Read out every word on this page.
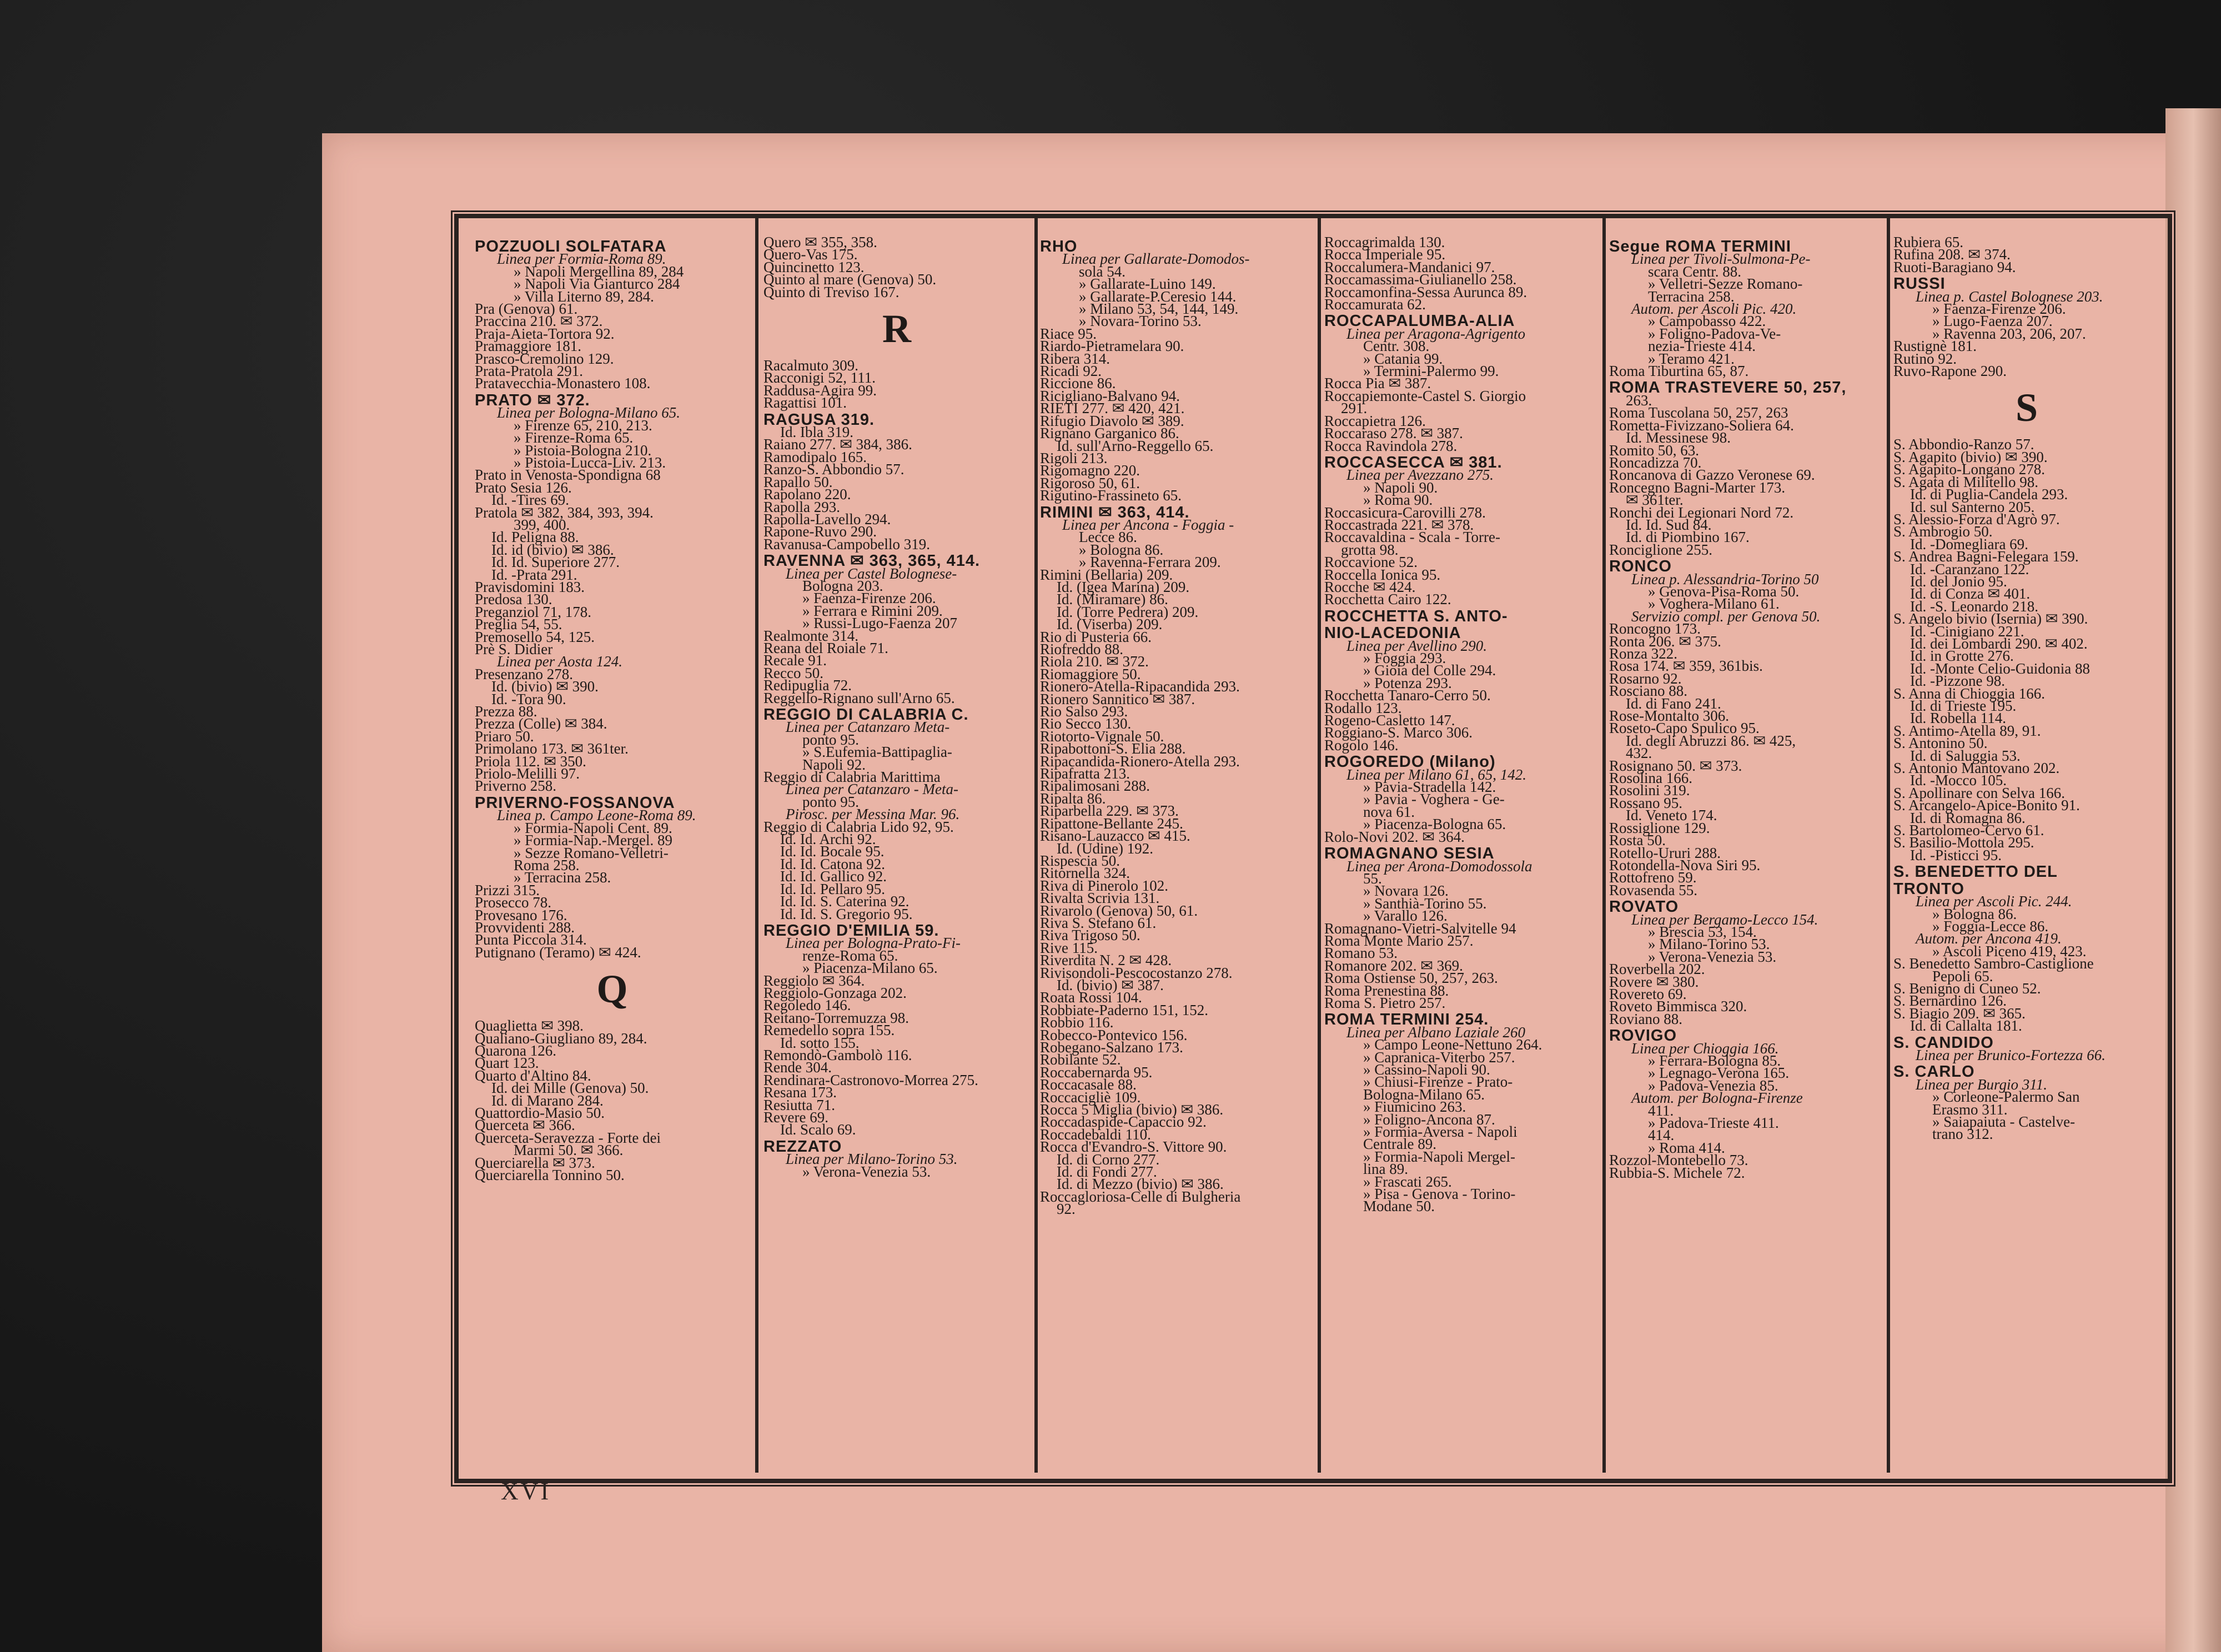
POZZUOLI SOLFATARA
Linea per Formia-Roma 89.
» Napoli Mergellina 89, 284
» Napoli Via Gianturco 284
» Villa Literno 89, 284.
Pra (Genova) 61.
Praccina 210. ✉ 372.
Praja-Aieta-Tortora 92.
Pramaggiore 181.
Prasco-Cremolino 129.
Prata-Pratola 291.
Pratavecchia-Monastero 108.
PRATO ✉ 372.
Linea per Bologna-Milano 65.
» Firenze 65, 210, 213.
» Firenze-Roma 65.
» Pistoia-Bologna 210.
» Pistoia-Lucca-Liv. 213.
Prato in Venosta-Spondigna 68
Prato Sesia 126.
Id. -Tires 69.
Pratola ✉ 382, 384, 393, 394.
399, 400.
Id. Peligna 88.
Id. id (bivio) ✉ 386.
Id. Id. Superiore 277.
Id. -Prata 291.
Pravisdomini 183.
Predosa 130.
Preganziol 71, 178.
Preglia 54, 55.
Premosello 54, 125.
Prè S. Didier
Linea per Aosta 124.
Presenzano 278.
Id. (bivio) ✉ 390.
Id. -Tora 90.
Prezza 88.
Prezza (Colle) ✉ 384.
Priaro 50.
Primolano 173. ✉ 361ter.
Priola 112. ✉ 350.
Priolo-Melilli 97.
Priverno 258.
PRIVERNO-FOSSANOVA
Linea p. Campo Leone-Roma 89.
» Formia-Napoli Cent. 89.
» Formia-Nap.-Mergel. 89
» Sezze Romano-Velletri-
Roma 258.
» Terracina 258.
Prizzi 315.
Prosecco 78.
Provesano 176.
Provvidenti 288.
Punta Piccola 314.
Putignano (Teramo) ✉ 424.
Q
Quaglietta ✉ 398.
Qualiano-Giugliano 89, 284.
Quarona 126.
Quart 123.
Quarto d'Altino 84.
Id. dei Mille (Genova) 50.
Id. di Marano 284.
Quattordio-Masio 50.
Querceta ✉ 366.
Querceta-Seravezza - Forte dei
Marmi 50. ✉ 366.
Querciarella ✉ 373.
Querciarella Tonnino 50.
Quero ✉ 355, 358.
Quero-Vas 175.
Quincinetto 123.
Quinto al mare (Genova) 50.
Quinto di Treviso 167.
R
Racalmuto 309.
Racconigi 52, 111.
Raddusa-Agira 99.
Ragattisi 101.
RAGUSA 319.
Id. Ibla 319.
Raiano 277. ✉ 384, 386.
Ramodipalo 165.
Ranzo-S. Abbondio 57.
Rapallo 50.
Rapolano 220.
Rapolla 293.
Rapolla-Lavello 294.
Rapone-Ruvo 290.
Ravanusa-Campobello 319.
RAVENNA ✉ 363, 365, 414.
Linea per Castel Bolognese-
Bologna 203.
» Faenza-Firenze 206.
» Ferrara e Rimini 209.
» Russi-Lugo-Faenza 207
Realmonte 314.
Reana del Roiale 71.
Recale 91.
Recco 50.
Redipuglia 72.
Reggello-Rignano sull'Arno 65.
REGGIO DI CALABRIA C.
Linea per Catanzaro Meta-
ponto 95.
» S.Eufemia-Battipaglia-
Napoli 92.
Reggio di Calabria Marittima
Linea per Catanzaro - Meta-
ponto 95.
Pirosc. per Messina Mar. 96.
Reggio di Calabria Lido 92, 95.
Id. Id. Archi 92.
Id. Id. Bocale 95.
Id. Id. Catona 92.
Id. Id. Gallico 92.
Id. Id. Pellaro 95.
Id. Id. S. Caterina 92.
Id. Id. S. Gregorio 95.
REGGIO D'EMILIA 59.
Linea per Bologna-Prato-Fi-
renze-Roma 65.
» Piacenza-Milano 65.
Reggiolo ✉ 364.
Reggiolo-Gonzaga 202.
Regoledo 146.
Reitano-Torremuzza 98.
Remedello sopra 155.
Id. sotto 155.
Remondò-Gambolò 116.
Rende 304.
Rendinara-Castronovo-Morrea 275.
Resana 173.
Resiutta 71.
Revere 69.
Id. Scalo 69.
REZZATO
Linea per Milano-Torino 53.
» Verona-Venezia 53.
RHO
Linea per Gallarate-Domodos-
sola 54.
» Gallarate-Luino 149.
» Gallarate-P.Ceresio 144.
» Milano 53, 54, 144, 149.
» Novara-Torino 53.
Riace 95.
Riardo-Pietramelara 90.
Ribera 314.
Ricadi 92.
Riccione 86.
Ricigliano-Balvano 94.
RIETI 277. ✉ 420, 421.
Rifugio Diavolo ✉ 389.
Rignano Garganico 86.
Id. sull'Arno-Reggello 65.
Rigoli 213.
Rigomagno 220.
Rigoroso 50, 61.
Rigutino-Frassineto 65.
RIMINI ✉ 363, 414.
Linea per Ancona - Foggia -
Lecce 86.
» Bologna 86.
» Ravenna-Ferrara 209.
Rimini (Bellaria) 209.
Id. (Igea Marina) 209.
Id. (Miramare) 86.
Id. (Torre Pedrera) 209.
Id. (Viserba) 209.
Rio di Pusteria 66.
Riofreddo 88.
Riola 210. ✉ 372.
Riomaggiore 50.
Rionero-Atella-Ripacandida 293.
Rionero Sannitico ✉ 387.
Rio Salso 293.
Rio Secco 130.
Riotorto-Vignale 50.
Ripabottoni-S. Elia 288.
Ripacandida-Rionero-Atella 293.
Ripafratta 213.
Ripalimosani 288.
Ripalta 86.
Riparbella 229. ✉ 373.
Ripattone-Bellante 245.
Risano-Lauzacco ✉ 415.
Id. (Udine) 192.
Rispescia 50.
Ritornella 324.
Riva di Pinerolo 102.
Rivalta Scrivia 131.
Rivarolo (Genova) 50, 61.
Riva S. Stefano 61.
Riva Trigoso 50.
Rive 115.
Riverdita N. 2 ✉ 428.
Rivisondoli-Pescocostanzo 278.
Id. (bivio) ✉ 387.
Roata Rossi 104.
Robbiate-Paderno 151, 152.
Robbio 116.
Robecco-Pontevico 156.
Robegano-Salzano 173.
Robilante 52.
Roccabernarda 95.
Roccacasale 88.
Roccacigliè 109.
Rocca 5 Miglia (bivio) ✉ 386.
Roccadaspide-Capaccio 92.
Roccadebaldi 110.
Rocca d'Evandro-S. Vittore 90.
Id. di Corno 277.
Id. di Fondi 277.
Id. di Mezzo (bivio) ✉ 386.
Roccagloriosa-Celle di Bulgheria
92.
Roccagrimalda 130.
Rocca Imperiale 95.
Roccalumera-Mandanici 97.
Roccamassima-Giulianello 258.
Roccamonfina-Sessa Aurunca 89.
Roccamurata 62.
ROCCAPALUMBA-ALIA
Linea per Aragona-Agrigento
Centr. 308.
» Catania 99.
» Termini-Palermo 99.
Rocca Pia ✉ 387.
Roccapiemonte-Castel S. Giorgio
291.
Roccapietra 126.
Roccaraso 278. ✉ 387.
Rocca Ravindola 278.
ROCCASECCA ✉ 381.
Linea per Avezzano 275.
» Napoli 90.
» Roma 90.
Roccasicura-Carovilli 278.
Roccastrada 221. ✉ 378.
Roccavaldina - Scala - Torre-
grotta 98.
Roccavione 52.
Roccella Ionica 95.
Rocche ✉ 424.
Rocchetta Cairo 122.
ROCCHETTA S. ANTO-
NIO-LACEDONIA
Linea per Avellino 290.
» Foggia 293.
» Gioia del Colle 294.
» Potenza 293.
Rocchetta Tanaro-Cerro 50.
Rodallo 123.
Rogeno-Casletto 147.
Roggiano-S. Marco 306.
Rogolo 146.
ROGOREDO (Milano)
Linea per Milano 61, 65, 142.
» Pavia-Stradella 142.
» Pavia - Voghera - Ge-
nova 61.
» Piacenza-Bologna 65.
Rolo-Novi 202. ✉ 364.
ROMAGNANO SESIA
Linea per Arona-Domodossola
55.
» Novara 126.
» Santhià-Torino 55.
» Varallo 126.
Romagnano-Vietri-Salvitelle 94
Roma Monte Mario 257.
Romano 53.
Romanore 202. ✉ 369.
Roma Ostiense 50, 257, 263.
Roma Prenestina 88.
Roma S. Pietro 257.
ROMA TERMINI 254.
Linea per Albano Laziale 260
» Campo Leone-Nettuno 264.
» Capranica-Viterbo 257.
» Cassino-Napoli 90.
» Chiusi-Firenze - Prato-
Bologna-Milano 65.
» Fiumicino 263.
» Foligno-Ancona 87.
» Formia-Aversa - Napoli
Centrale 89.
» Formia-Napoli Mergel-
lina 89.
» Frascati 265.
» Pisa - Genova - Torino-
Modane 50.
Segue ROMA TERMINI
Linea per Tivoli-Sulmona-Pe-
scara Centr. 88.
» Velletri-Sezze Romano-
Terracina 258.
Autom. per Ascoli Pic. 420.
» Campobasso 422.
» Foligno-Padova-Ve-
nezia-Trieste 414.
» Teramo 421.
Roma Tiburtina 65, 87.
ROMA TRASTEVERE 50, 257,
263.
Roma Tuscolana 50, 257, 263
Rometta-Fivizzano-Soliera 64.
Id. Messinese 98.
Romito 50, 63.
Roncadizza 70.
Roncanova di Gazzo Veronese 69.
Roncegno Bagni-Marter 173.
✉ 361ter.
Ronchi dei Legionari Nord 72.
Id. Id. Sud 84.
Id. di Piombino 167.
Ronciglione 255.
RONCO
Linea p. Alessandria-Torino 50
» Genova-Pisa-Roma 50.
» Voghera-Milano 61.
Servizio compl. per Genova 50.
Roncogno 173.
Ronta 206. ✉ 375.
Ronza 322.
Rosa 174. ✉ 359, 361bis.
Rosarno 92.
Rosciano 88.
Id. di Fano 241.
Rose-Montalto 306.
Roseto-Capo Spulico 95.
Id. degli Abruzzi 86. ✉ 425,
432.
Rosignano 50. ✉ 373.
Rosolina 166.
Rosolini 319.
Rossano 95.
Id. Veneto 174.
Rossiglione 129.
Rosta 50.
Rotello-Ururi 288.
Rotondella-Nova Siri 95.
Rottofreno 59.
Rovasenda 55.
ROVATO
Linea per Bergamo-Lecco 154.
» Brescia 53, 154.
» Milano-Torino 53.
» Verona-Venezia 53.
Roverbella 202.
Rovere ✉ 380.
Rovereto 69.
Roveto Bimmisca 320.
Roviano 88.
ROVIGO
Linea per Chioggia 166.
» Ferrara-Bologna 85.
» Legnago-Verona 165.
» Padova-Venezia 85.
Autom. per Bologna-Firenze
411.
» Padova-Trieste 411.
414.
» Roma 414.
Rozzol-Montebello 73.
Rubbia-S. Michele 72.
Rubiera 65.
Rufina 208. ✉ 374.
Ruoti-Baragiano 94.
RUSSI
Linea p. Castel Bolognese 203.
» Faenza-Firenze 206.
» Lugo-Faenza 207.
» Ravenna 203, 206, 207.
Rustignè 181.
Rutino 92.
Ruvo-Rapone 290.
S
S. Abbondio-Ranzo 57.
S. Agapito (bivio) ✉ 390.
S. Agapito-Longano 278.
S. Agata di Militello 98.
Id. di Puglia-Candela 293.
Id. sul Santerno 205.
S. Alessio-Forza d'Agrò 97.
S. Ambrogio 50.
Id. -Domegliara 69.
S. Andrea Bagni-Felegara 159.
Id. -Caranzano 122.
Id. del Jonio 95.
Id. di Conza ✉ 401.
Id. -S. Leonardo 218.
S. Angelo bivio (Isernia) ✉ 390.
Id. -Cinigiano 221.
Id. dei Lombardi 290. ✉ 402.
Id. in Grotte 276.
Id. -Monte Celio-Guidonia 88
Id. -Pizzone 98.
S. Anna di Chioggia 166.
Id. di Trieste 195.
Id. Robella 114.
S. Antimo-Atella 89, 91.
S. Antonino 50.
Id. di Saluggia 53.
S. Antonio Mantovano 202.
Id. -Mocco 105.
S. Apollinare con Selva 166.
S. Arcangelo-Apice-Bonito 91.
Id. di Romagna 86.
S. Bartolomeo-Cervo 61.
S. Basilio-Mottola 295.
Id. -Pisticci 95.
S. BENEDETTO DEL
TRONTO
Linea per Ascoli Pic. 244.
» Bologna 86.
» Foggia-Lecce 86.
Autom. per Ancona 419.
» Ascoli Piceno 419, 423.
S. Benedetto Sambro-Castiglione
Pepoli 65.
S. Benigno di Cuneo 52.
S. Bernardino 126.
S. Biagio 209. ✉ 365.
Id. di Callalta 181.
S. CANDIDO
Linea per Brunico-Fortezza 66.
S. CARLO
Linea per Burgio 311.
» Corleone-Palermo San
Erasmo 311.
» Saiapaiuta - Castelve-
trano 312.
XVI
